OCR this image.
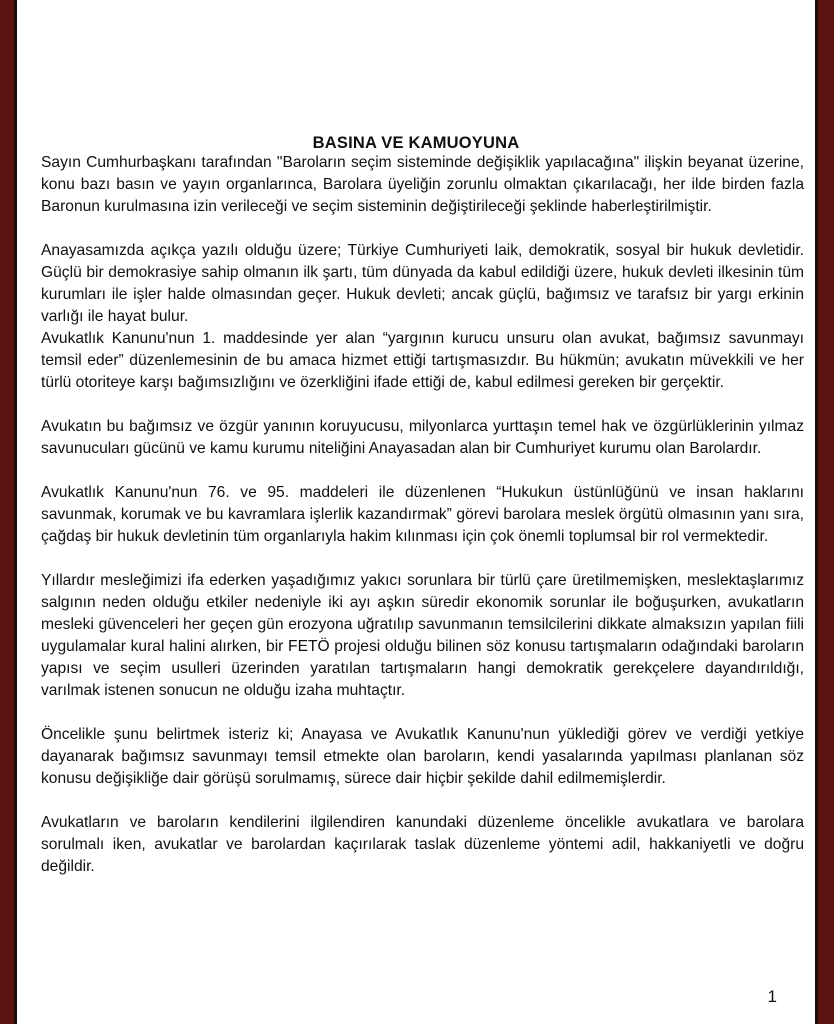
BASINA VE KAMUOYUNA

Sayın Cumhurbaşkanı tarafından "Baroların seçim sisteminde değişiklik yapılacağına" ilişkin beyanat üzerine, konu bazı basın ve yayın organlarınca, Barolara üyeliğin zorunlu olmaktan çıkarılacağı, her ilde birden fazla Baronun kurulmasına izin verileceği ve seçim sisteminin değiştirileceği şeklinde haberleştirilmiştir.

Anayasamızda açıkça yazılı olduğu üzere; Türkiye Cumhuriyeti laik, demokratik, sosyal bir hukuk devletidir. Güçlü bir demokrasiye sahip olmanın ilk şartı, tüm dünyada da kabul edildiği üzere, hukuk devleti ilkesinin tüm kurumları ile işler halde olmasından geçer. Hukuk devleti; ancak güçlü, bağımsız ve tarafsız bir yargı erkinin varlığı ile hayat bulur.

Avukatlık Kanunu'nun 1. maddesinde yer alan “yargının kurucu unsuru olan avukat, bağımsız savunmayı temsil eder” düzenlemesinin de bu amaca hizmet ettiği tartışmasızdır. Bu hükmün; avukatın müvekkili ve her türlü otoriteye karşı bağımsızlığını ve özerkliğini ifade ettiği de, kabul edilmesi gereken bir gerçektir.

Avukatın bu bağımsız ve özgür yanının koruyucusu, milyonlarca yurttaşın temel hak ve özgürlüklerinin yılmaz savunucuları gücünü ve kamu kurumu niteliğini Anayasadan alan bir Cumhuriyet kurumu olan Barolardır.

Avukatlık Kanunu'nun 76. ve 95. maddeleri ile düzenlenen “Hukukun üstünlüğünü ve insan haklarını savunmak, korumak ve bu kavramlara işlerlik kazandırmak” görevi barolara meslek örgütü olmasının yanı sıra, çağdaş bir hukuk devletinin tüm organlarıyla hakim kılınması için çok önemli toplumsal bir rol vermektedir.

Yıllardır mesleğimizi ifa ederken yaşadığımız yakıcı sorunlara bir türlü çare üretilmemişken, meslektaşlarımız salgının neden olduğu etkiler nedeniyle iki ayı aşkın süredir ekonomik sorunlar ile boğuşurken, avukatların mesleki güvenceleri her geçen gün erozyona uğratılıp savunmanın temsilcilerini dikkate almaksızın yapılan fiili uygulamalar kural halini alırken, bir FETÖ projesi olduğu bilinen söz konusu tartışmaların odağındaki baroların yapısı ve seçim usulleri üzerinden yaratılan tartışmaların hangi demokratik gerekçelere dayandırıldığı, varılmak istenen sonucun ne olduğu izaha muhtaçtır.

Öncelikle şunu belirtmek isteriz ki; Anayasa ve Avukatlık Kanunu'nun yüklediği görev ve verdiği yetkiye dayanarak bağımsız savunmayı temsil etmekte olan baroların, kendi yasalarında yapılması planlanan söz konusu değişikliğe dair görüşü sorulmamış, sürece dair hiçbir şekilde dahil edilmemişlerdir.

Avukatların ve baroların kendilerini ilgilendiren kanundaki düzenleme öncelikle avukatlara ve barolara sorulmalı iken, avukatlar ve barolardan kaçırılarak taslak düzenleme yöntemi adil, hakkaniyetli ve doğru değildir.

1
